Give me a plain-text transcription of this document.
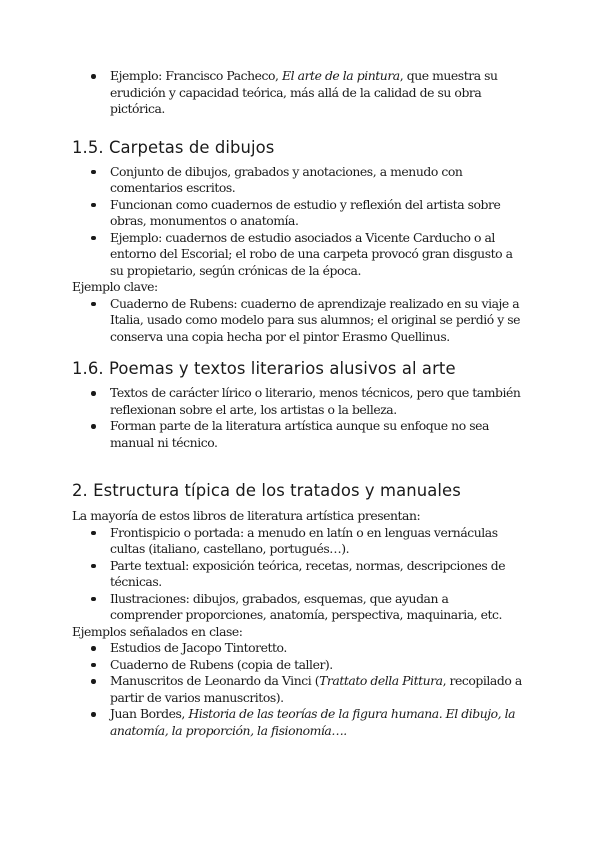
Ejemplo: Francisco Pacheco, El arte de la pintura, que muestra su erudición y capacidad teórica, más allá de la calidad de su obra pictórica.
1.5. Carpetas de dibujos
Conjunto de dibujos, grabados y anotaciones, a menudo con comentarios escritos.
Funcionan como cuadernos de estudio y reflexión del artista sobre obras, monumentos o anatomía.
Ejemplo: cuadernos de estudio asociados a Vicente Carducho o al entorno del Escorial; el robo de una carpeta provocó gran disgusto a su propietario, según crónicas de la época.

Ejemplo clave:

Cuaderno de Rubens: cuaderno de aprendizaje realizado en su viaje a Italia, usado como modelo para sus alumnos; el original se perdió y se conserva una copia hecha por el pintor Erasmo Quellinus.
1.6. Poemas y textos literarios alusivos al arte
Textos de carácter lírico o literario, menos técnicos, pero que también reflexionan sobre el arte, los artistas o la belleza.
Forman parte de la literatura artística aunque su enfoque no sea manual ni técnico.
2. Estructura típica de los tratados y manuales

La mayoría de estos libros de literatura artística presentan:

Frontispicio o portada: a menudo en latín o en lenguas vernáculas cultas (italiano, castellano, portugués…).
Parte textual: exposición teórica, recetas, normas, descripciones de técnicas.
Ilustraciones: dibujos, grabados, esquemas, que ayudan a comprender proporciones, anatomía, perspectiva, maquinaria, etc.

Ejemplos señalados en clase:

Estudios de Jacopo Tintoretto.
Cuaderno de Rubens (copia de taller).
Manuscritos de Leonardo da Vinci (Trattato della Pittura, recopilado a partir de varios manuscritos).
Juan Bordes, Historia de las teorías de la figura humana. El dibujo, la anatomía, la proporción, la fisionomía….
